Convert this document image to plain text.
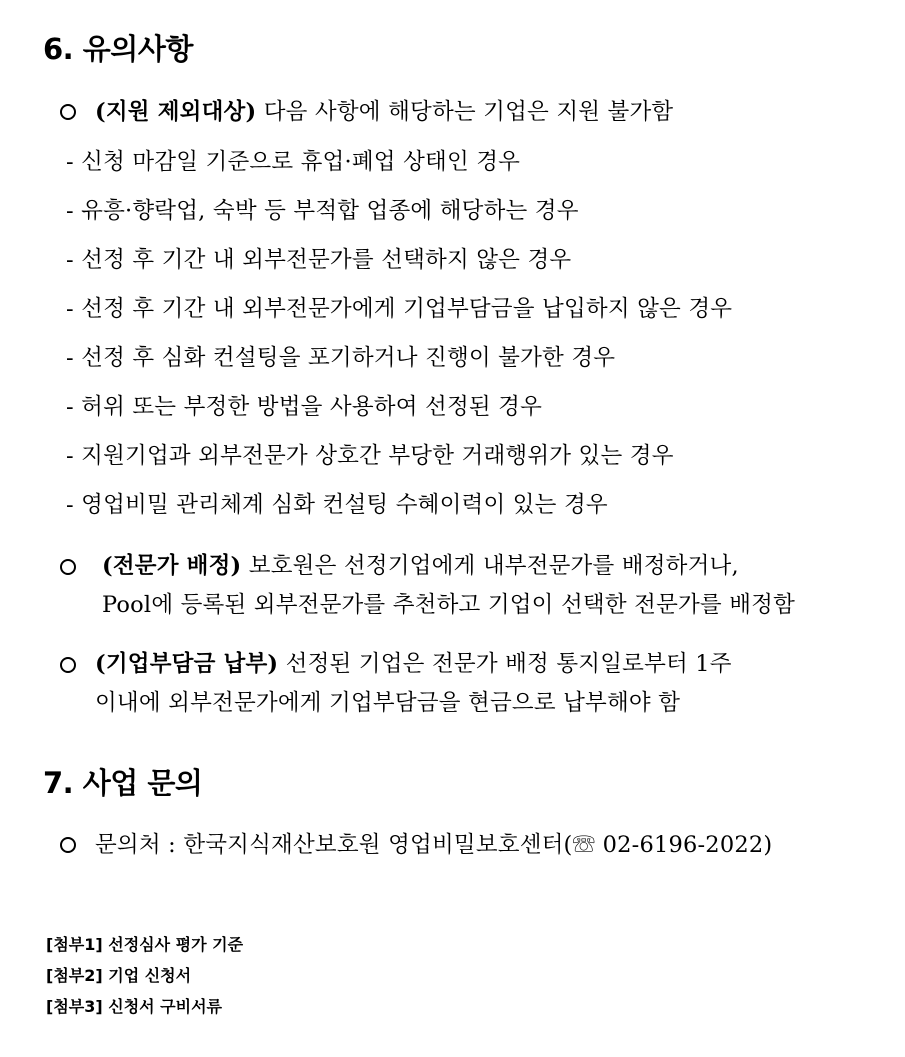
6. 유의사항
(지원 제외대상) 다음 사항에 해당하는 기업은 지원 불가함
- 신청 마감일 기준으로 휴업·폐업 상태인 경우
- 유흥·향락업, 숙박 등 부적합 업종에 해당하는 경우
- 선정 후 기간 내 외부전문가를 선택하지 않은 경우
- 선정 후 기간 내 외부전문가에게 기업부담금을 납입하지 않은 경우
- 선정 후 심화 컨설팅을 포기하거나 진행이 불가한 경우
- 허위 또는 부정한 방법을 사용하여 선정된 경우
- 지원기업과 외부전문가 상호간 부당한 거래행위가 있는 경우
- 영업비밀 관리체계 심화 컨설팅 수혜이력이 있는 경우
(전문가 배정) 보호원은 선정기업에게 내부전문가를 배정하거나,
Pool에 등록된 외부전문가를 추천하고 기업이 선택한 전문가를 배정함
(기업부담금 납부) 선정된 기업은 전문가 배정 통지일로부터 1주
이내에 외부전문가에게 기업부담금을 현금으로 납부해야 함
7. 사업 문의
문의처 : 한국지식재산보호원 영업비밀보호센터(☏ 02-6196-2022)
[첨부1] 선정심사 평가 기준
[첨부2] 기업 신청서
[첨부3] 신청서 구비서류
